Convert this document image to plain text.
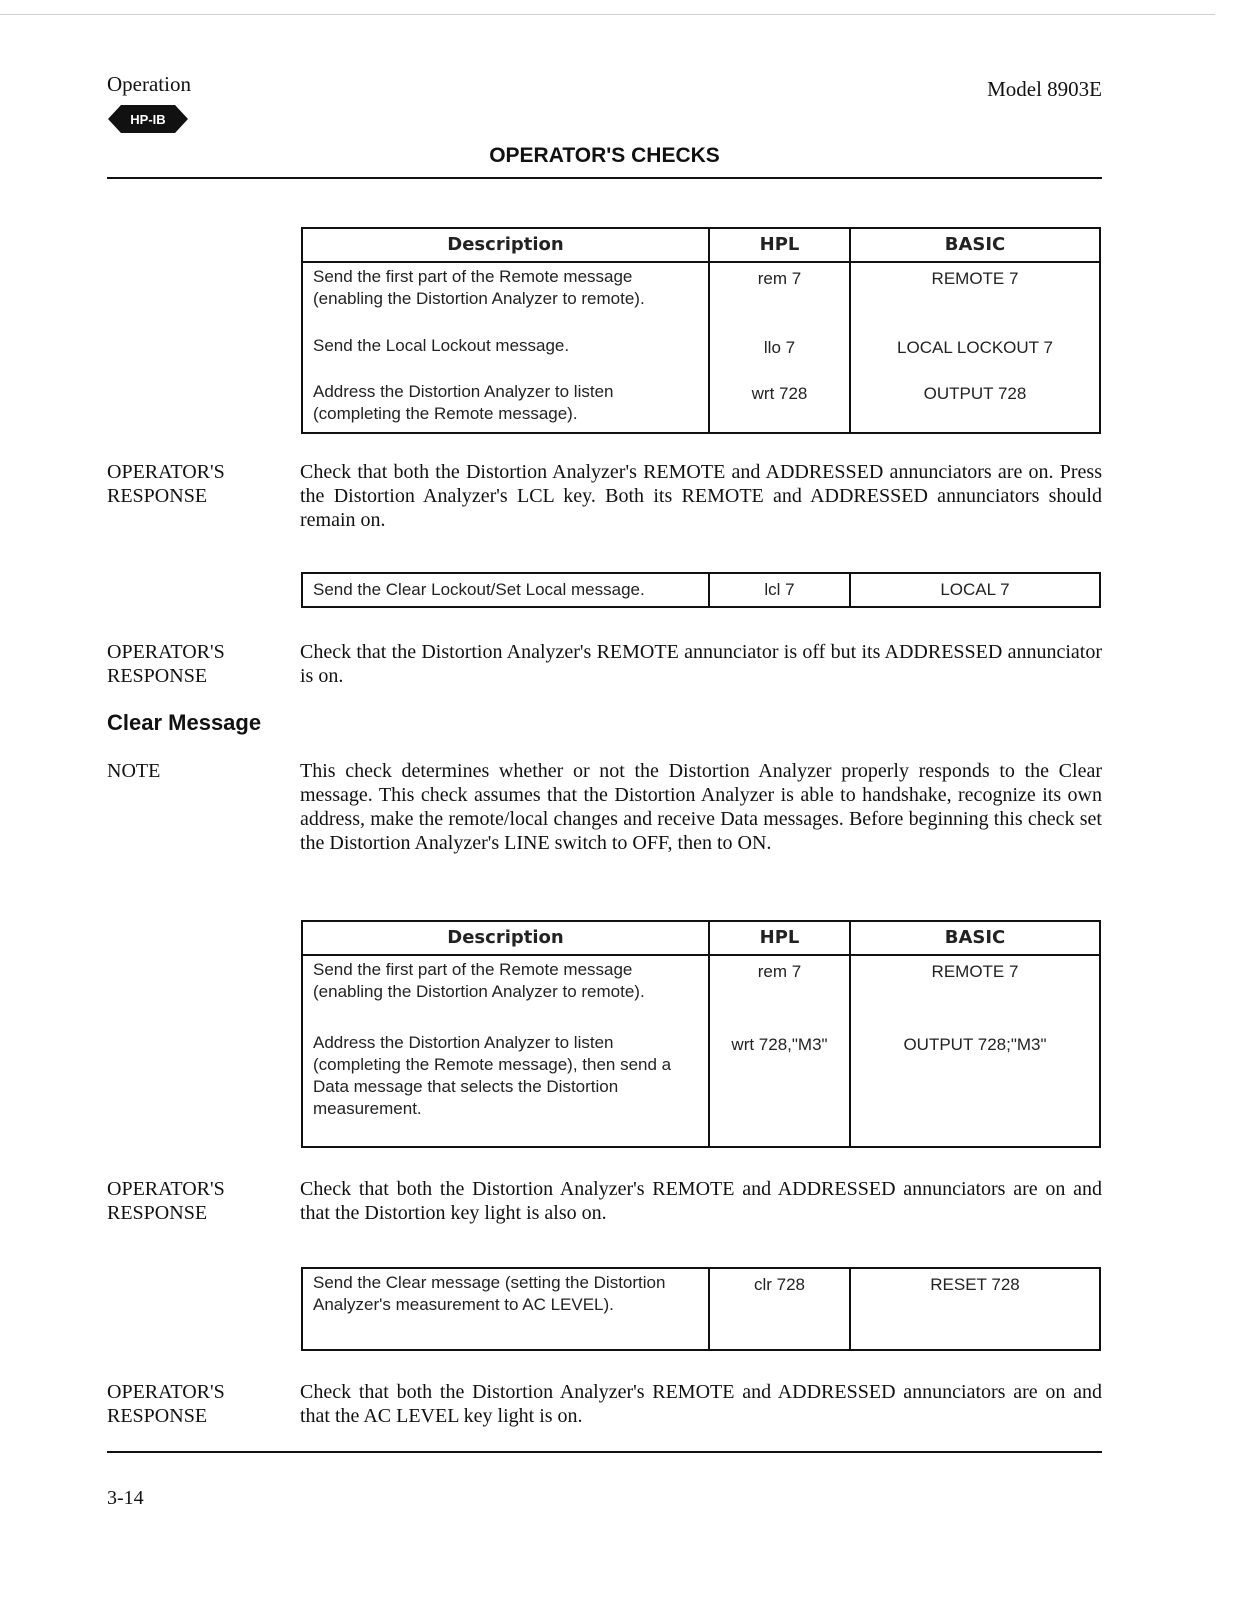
Operation	Model 8903E
HP-IB
OPERATOR'S CHECKS
Description	HPL	BASIC
Send the first part of the Remote message (enabling the Distortion Analyzer to remote).	rem 7	REMOTE 7
Send the Local Lockout message.	llo 7	LOCAL LOCKOUT 7
Address the Distortion Analyzer to listen (completing the Remote message).	wrt 728	OUTPUT 728
OPERATOR'S
RESPONSE
Check that both the Distortion Analyzer's REMOTE and ADDRESSED annunciators are on. Press the Distortion Analyzer's LCL key. Both its REMOTE and ADDRESSED annunciators should remain on.
Send the Clear Lockout/Set Local message.	lcl 7	LOCAL 7
OPERATOR'S
RESPONSE
Check that the Distortion Analyzer's REMOTE annunciator is off but its ADDRESSED annunciator is on.
Clear Message
NOTE	This check determines whether or not the Distortion Analyzer properly responds to the Clear message. This check assumes that the Distortion Analyzer is able to handshake, recognize its own address, make the remote/local changes and receive Data messages. Before beginning this check set the Distortion Analyzer's LINE switch to OFF, then to ON.
Description	HPL	BASIC
Send the first part of the Remote message (enabling the Distortion Analyzer to remote).	rem 7	REMOTE 7
Address the Distortion Analyzer to listen (completing the Remote message), then send a Data message that selects the Distortion measurement.	wrt 728,"M3"	OUTPUT 728;"M3"
OPERATOR'S
RESPONSE
Check that both the Distortion Analyzer's REMOTE and ADDRESSED annunciators are on and that the Distortion key light is also on.
Send the Clear message (setting the Distortion Analyzer's measurement to AC LEVEL).	clr 728	RESET 728
OPERATOR'S
RESPONSE
Check that both the Distortion Analyzer's REMOTE and ADDRESSED annunciators are on and that the AC LEVEL key light is on.
3-14
